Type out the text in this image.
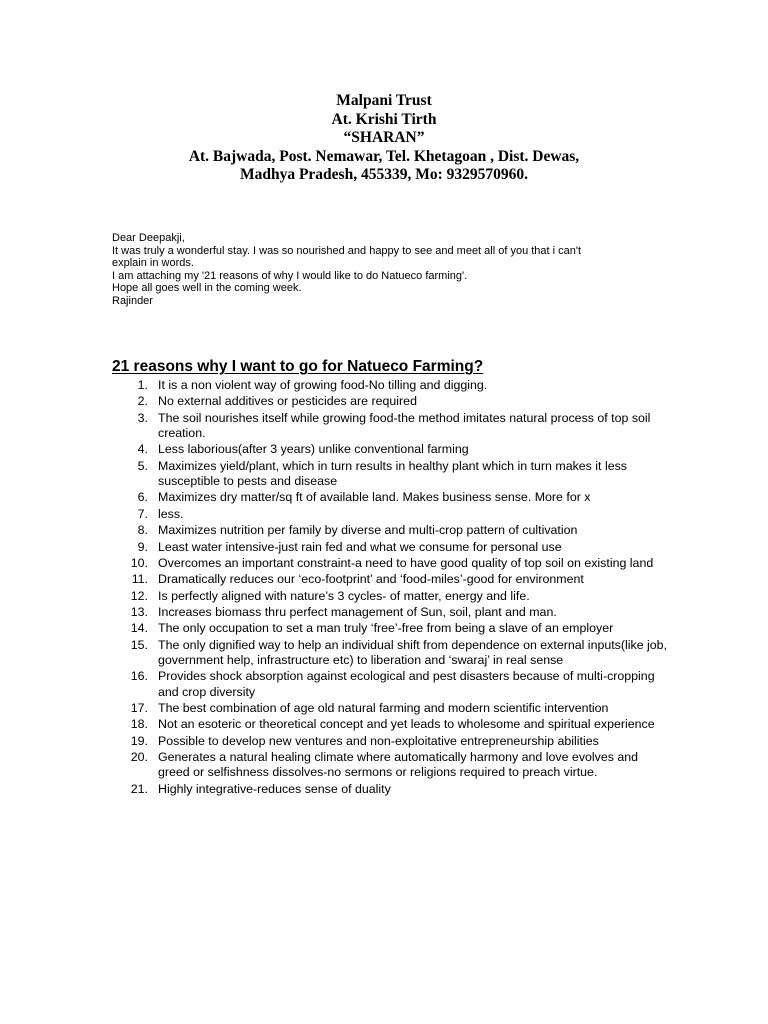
Malpani Trust
At. Krishi Tirth
“SHARAN”
At. Bajwada, Post. Nemawar, Tel. Khetagoan , Dist. Dewas,
Madhya Pradesh, 455339, Mo: 9329570960.
Dear Deepakji,
It was truly a wonderful stay. I was so nourished and happy to see and meet all of you that i can't
explain in words.
I am attaching my '21 reasons of why I would like to do Natueco farming'.
Hope all goes well in the coming week.
Rajinder
21 reasons why I want to go for Natueco Farming?
1. It is a non violent way of growing food-No tilling and digging.
2. No external additives or pesticides are required
3. The soil nourishes itself while growing food-the method imitates natural process of top soil creation.
4. Less laborious(after 3 years) unlike conventional farming
5. Maximizes yield/plant, which in turn results in healthy plant which in turn makes it less susceptible to pests and disease
6. Maximizes dry matter/sq ft of available land. Makes business sense. More for x
7. less.
8. Maximizes nutrition per family by diverse and multi-crop pattern of cultivation
9. Least water intensive-just rain fed and what we consume for personal use
10. Overcomes an important constraint-a need to have good quality of top soil on existing land
11. Dramatically reduces our ‘eco-footprint’ and ‘food-miles’-good for environment
12. Is perfectly aligned with nature’s 3 cycles- of matter, energy and life.
13. Increases biomass thru perfect management of Sun, soil, plant and man.
14. The only occupation to set a man truly ‘free’-free from being a slave of an employer
15. The only dignified way to help an individual shift from dependence on external inputs(like job, government help, infrastructure etc) to liberation and ‘swaraj’ in real sense
16. Provides shock absorption against ecological and pest disasters because of multi-cropping and crop diversity
17. The best combination of age old natural farming and modern scientific intervention
18. Not an esoteric or theoretical concept and yet leads to wholesome and spiritual experience
19. Possible to develop new ventures and non-exploitative entrepreneurship abilities
20. Generates a natural healing climate where automatically harmony and love evolves and greed or selfishness dissolves-no sermons or religions required to preach virtue.
21. Highly integrative-reduces sense of duality
